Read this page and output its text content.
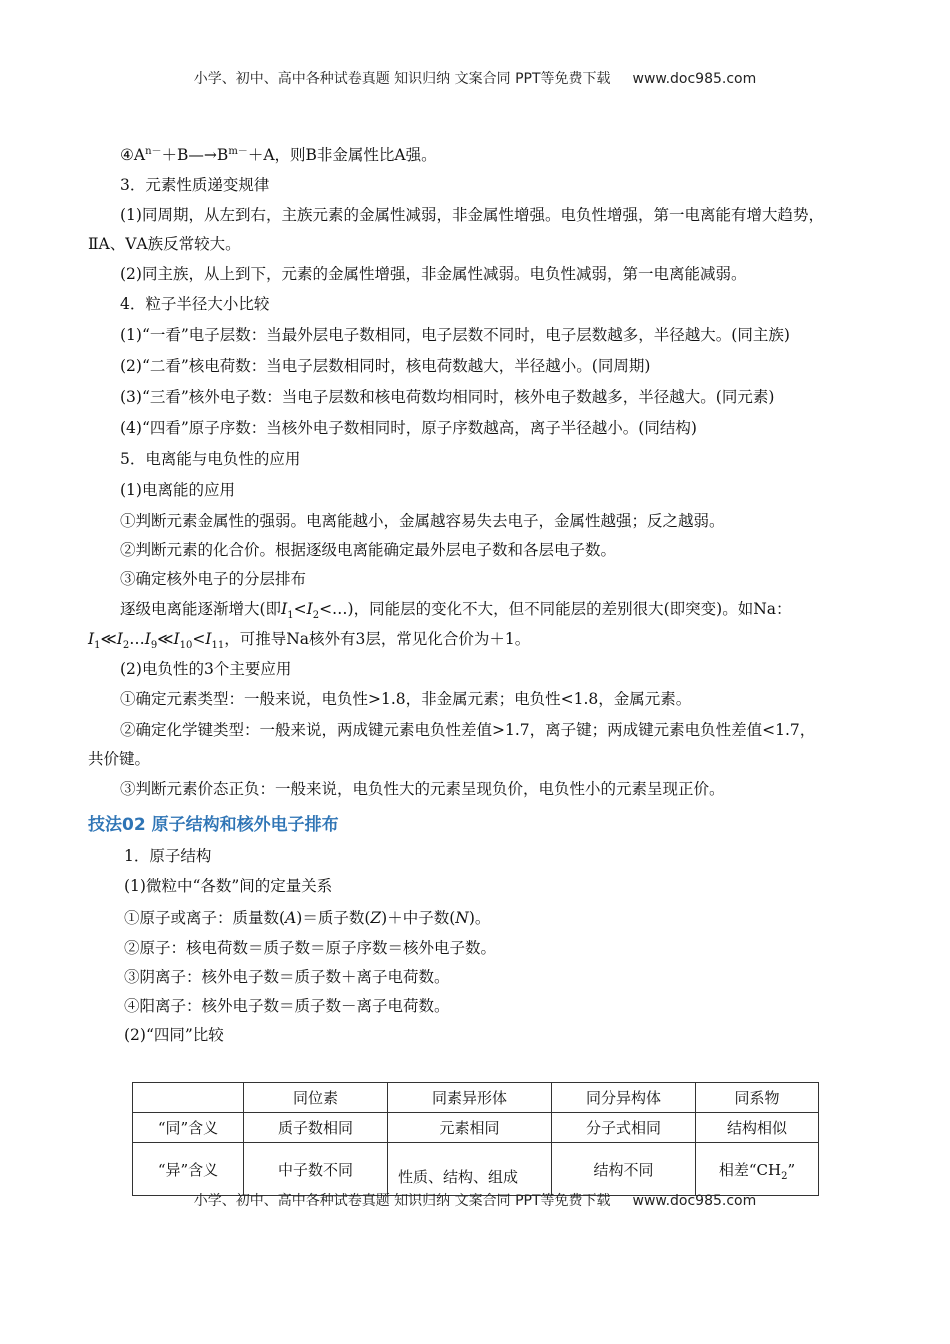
小学、初中、高中各种试卷真题 知识归纳 文案合同 PPT等免费下载 www.doc985.com
$④A^{n-}+B—\to B^{m-}+A$，则B非金属性比A强。
3．元素性质递变规律
(1)同周期，从左到右，主族元素的金属性减弱，非金属性增强。电负性增强，第一电离能有增大趋势，
ⅡA、ⅤA族反常较大。
(2)同主族，从上到下，元素的金属性增强，非金属性减弱。电负性减弱，第一电离能减弱。
4．粒子半径大小比较
(1)“一看”电子层数：当最外层电子数相同，电子层数不同时，电子层数越多，半径越大。(同主族)
(2)“二看”核电荷数：当电子层数相同时，核电荷数越大，半径越小。(同周期)
(3)“三看”核外电子数：当电子层数和核电荷数均相同时，核外电子数越多，半径越大。(同元素)
(4)“四看”原子序数：当核外电子数相同时，原子序数越高，离子半径越小。(同结构)
5．电离能与电负性的应用
(1)电离能的应用
①判断元素金属性的强弱。电离能越小，金属越容易失去电子，金属性越强；反之越弱。
②判断元素的化合价。根据逐级电离能确定最外层电子数和各层电子数。
③确定核外电子的分层排布
逐级电离能逐渐增大(即$I_1<I_2<\dots$)，同能层的变化不大，但不同能层的差别很大(即突变)。如Na：
$I_1≪I_2\dots I_9≪I_{10}<I_{11}$，可推导Na核外有3层，常见化合价为＋1。
(2)电负性的3个主要应用
①确定元素类型：一般来说，电负性>1.8，非金属元素；电负性<1.8，金属元素。
②确定化学键类型：一般来说，两成键元素电负性差值>1.7，离子键；两成键元素电负性差值<1.7，
共价键。
③判断元素价态正负：一般来说，电负性大的元素呈现负价，电负性小的元素呈现正价。
技法02 原子结构和核外电子排布
1．原子结构
(1)微粒中“各数”间的定量关系
①原子或离子：质量数(A)＝质子数(Z)＋中子数(N)。
②原子：核电荷数＝质子数＝原子序数＝核外电子数。
③阴离子：核外电子数＝质子数＋离子电荷数。
④阳离子：核外电子数＝质子数－离子电荷数。
(2)“四同”比较
	同位素	同素异形体	同分异构体	同系物
“同”含义	质子数相同	元素相同	分子式相同	结构相似
“异”含义	中子数不同	性质、结构、组成	结构不同	相差“$CH_2$”
小学、初中、高中各种试卷真题 知识归纳 文案合同 PPT等免费下载 www.doc985.com
